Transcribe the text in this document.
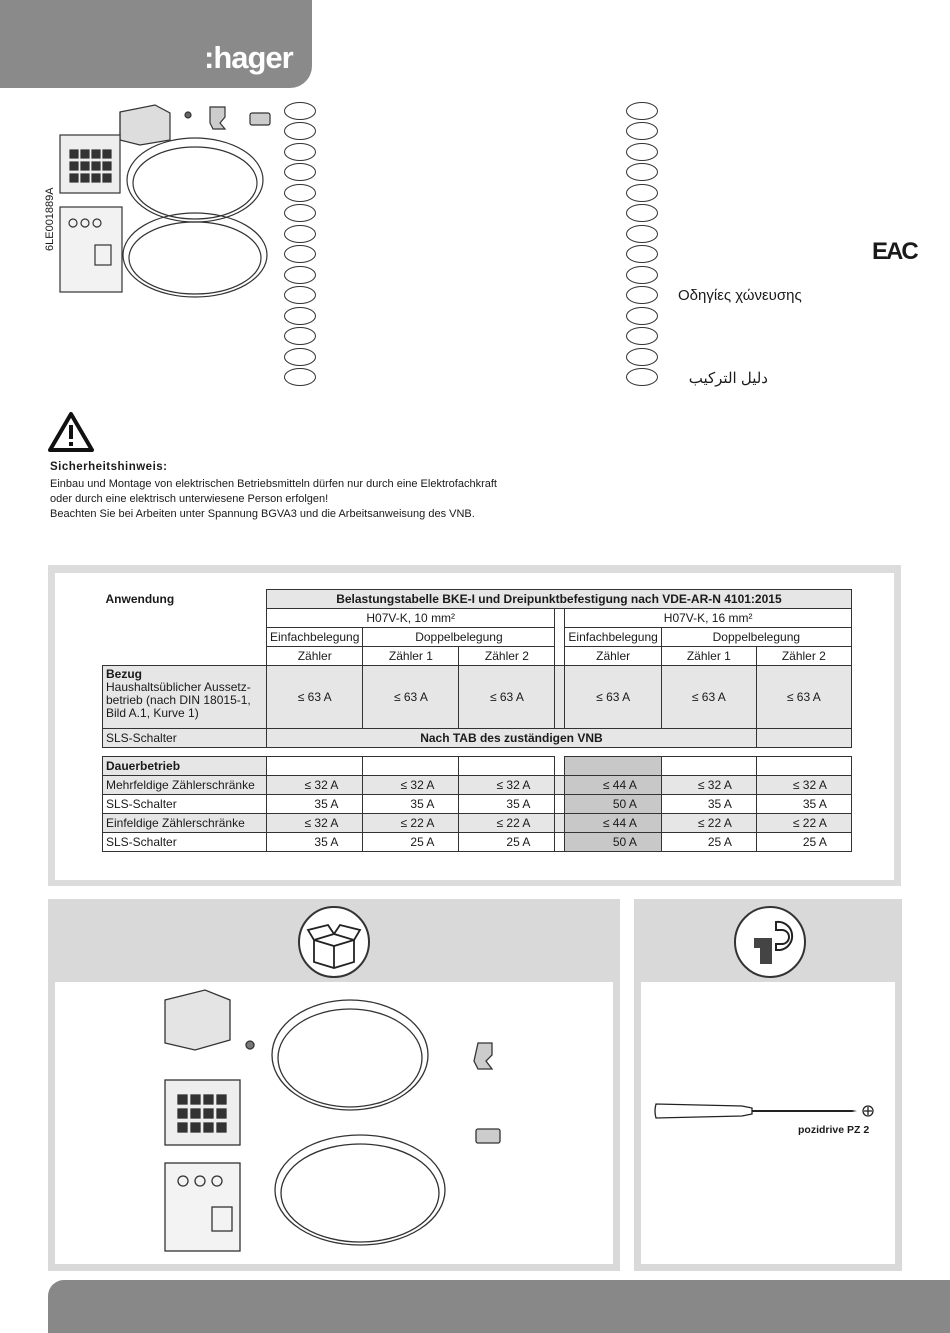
:hager
6LE001889A
EAC
Οδηγίες χώνευσης
دليل التركيب
Sicherheitshinweis:
Einbau und Montage von elektrischen Betriebsmitteln dürfen nur durch eine Elektrofachkraft
oder durch eine elektrisch unterwiesene Person erfolgen!
Beachten Sie bei Arbeiten unter Spannung BGVA3 und die Arbeitsanweisung des VNB.
Anwendung	Belastungstabelle BKE-I und Dreipunktbefestigung nach VDE-AR-N 4101:2015						
	H07V-K, 10 mm²				H07V-K, 16 mm²		
	Einfachbelegung	Doppelbelegung			Einfachbelegung	Doppelbelegung	
	Zähler	Zähler 1	Zähler 2		Zähler	Zähler 1	Zähler 2

Bezug
Haushaltsüblicher Aussetz-betrieb (nach DIN 18015-1, Bild A.1, Kurve 1)	≤ 63 A	≤ 63 A	≤ 63 A		≤ 63 A	≤ 63 A	≤ 63 A
SLS-Schalter	Nach TAB des zuständigen VNB						

Dauerbetrieb							
Mehrfeldige Zählerschränke	≤ 32 A	≤ 32 A	≤ 32 A		≤ 44 A	≤ 32 A	≤ 32 A
SLS-Schalter	35 A	35 A	35 A		50 A	35 A	35 A
Einfeldige Zählerschränke	≤ 32 A	≤ 22 A	≤ 22 A		≤ 44 A	≤ 22 A	≤ 22 A
SLS-Schalter	35 A	25 A	25 A		50 A	25 A	25 A
pozidrive PZ 2
